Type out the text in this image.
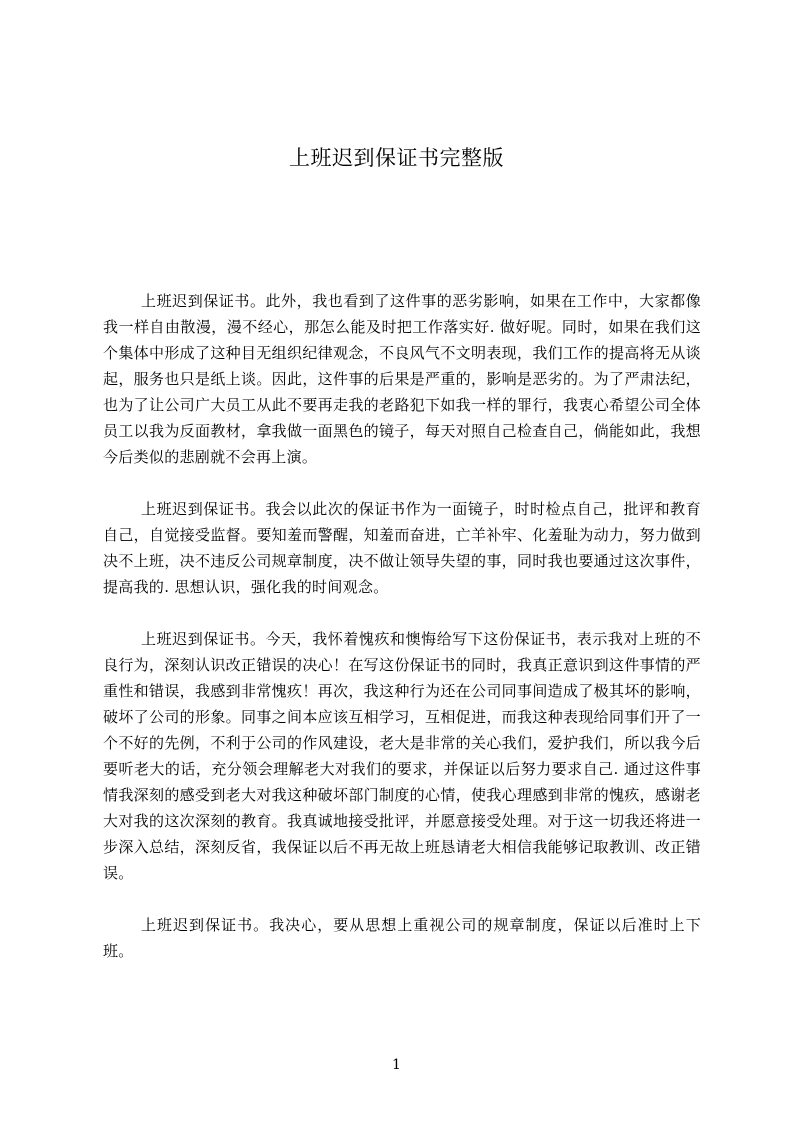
上班迟到保证书完整版

上班迟到保证书。此外，我也看到了这件事的恶劣影响，如果在工作中，大家都像我一样自由散漫，漫不经心，那怎么能及时把工作落实好. 做好呢。同时，如果在我们这个集体中形成了这种目无组织纪律观念，不良风气不文明表现，我们工作的提高将无从谈起，服务也只是纸上谈。因此，这件事的后果是严重的，影响是恶劣的。为了严肃法纪，也为了让公司广大员工从此不要再走我的老路犯下如我一样的罪行，我衷心希望公司全体员工以我为反面教材，拿我做一面黑色的镜子，每天对照自己检查自己，倘能如此，我想今后类似的悲剧就不会再上演。

上班迟到保证书。我会以此次的保证书作为一面镜子，时时检点自己，批评和教育自己，自觉接受监督。要知羞而警醒，知羞而奋进，亡羊补牢、化羞耻为动力，努力做到决不上班，决不违反公司规章制度，决不做让领导失望的事，同时我也要通过这次事件，提高我的. 思想认识，强化我的时间观念。

上班迟到保证书。今天，我怀着愧疚和懊悔给写下这份保证书，表示我对上班的不良行为，深刻认识改正错误的决心！在写这份保证书的同时，我真正意识到这件事情的严重性和错误，我感到非常愧疚！再次，我这种行为还在公司同事间造成了极其坏的影响，破坏了公司的形象。同事之间本应该互相学习，互相促进，而我这种表现给同事们开了一个不好的先例，不利于公司的作风建设，老大是非常的关心我们，爱护我们，所以我今后要听老大的话，充分领会理解老大对我们的要求，并保证以后努力要求自己. 通过这件事情我深刻的感受到老大对我这种破坏部门制度的心情，使我心理感到非常的愧疚，感谢老大对我的这次深刻的教育。我真诚地接受批评，并愿意接受处理。对于这一切我还将进一步深入总结，深刻反省，我保证以后不再无故上班恳请老大相信我能够记取教训、改正错误。

上班迟到保证书。我决心，要从思想上重视公司的规章制度，保证以后准时上下班。

1
